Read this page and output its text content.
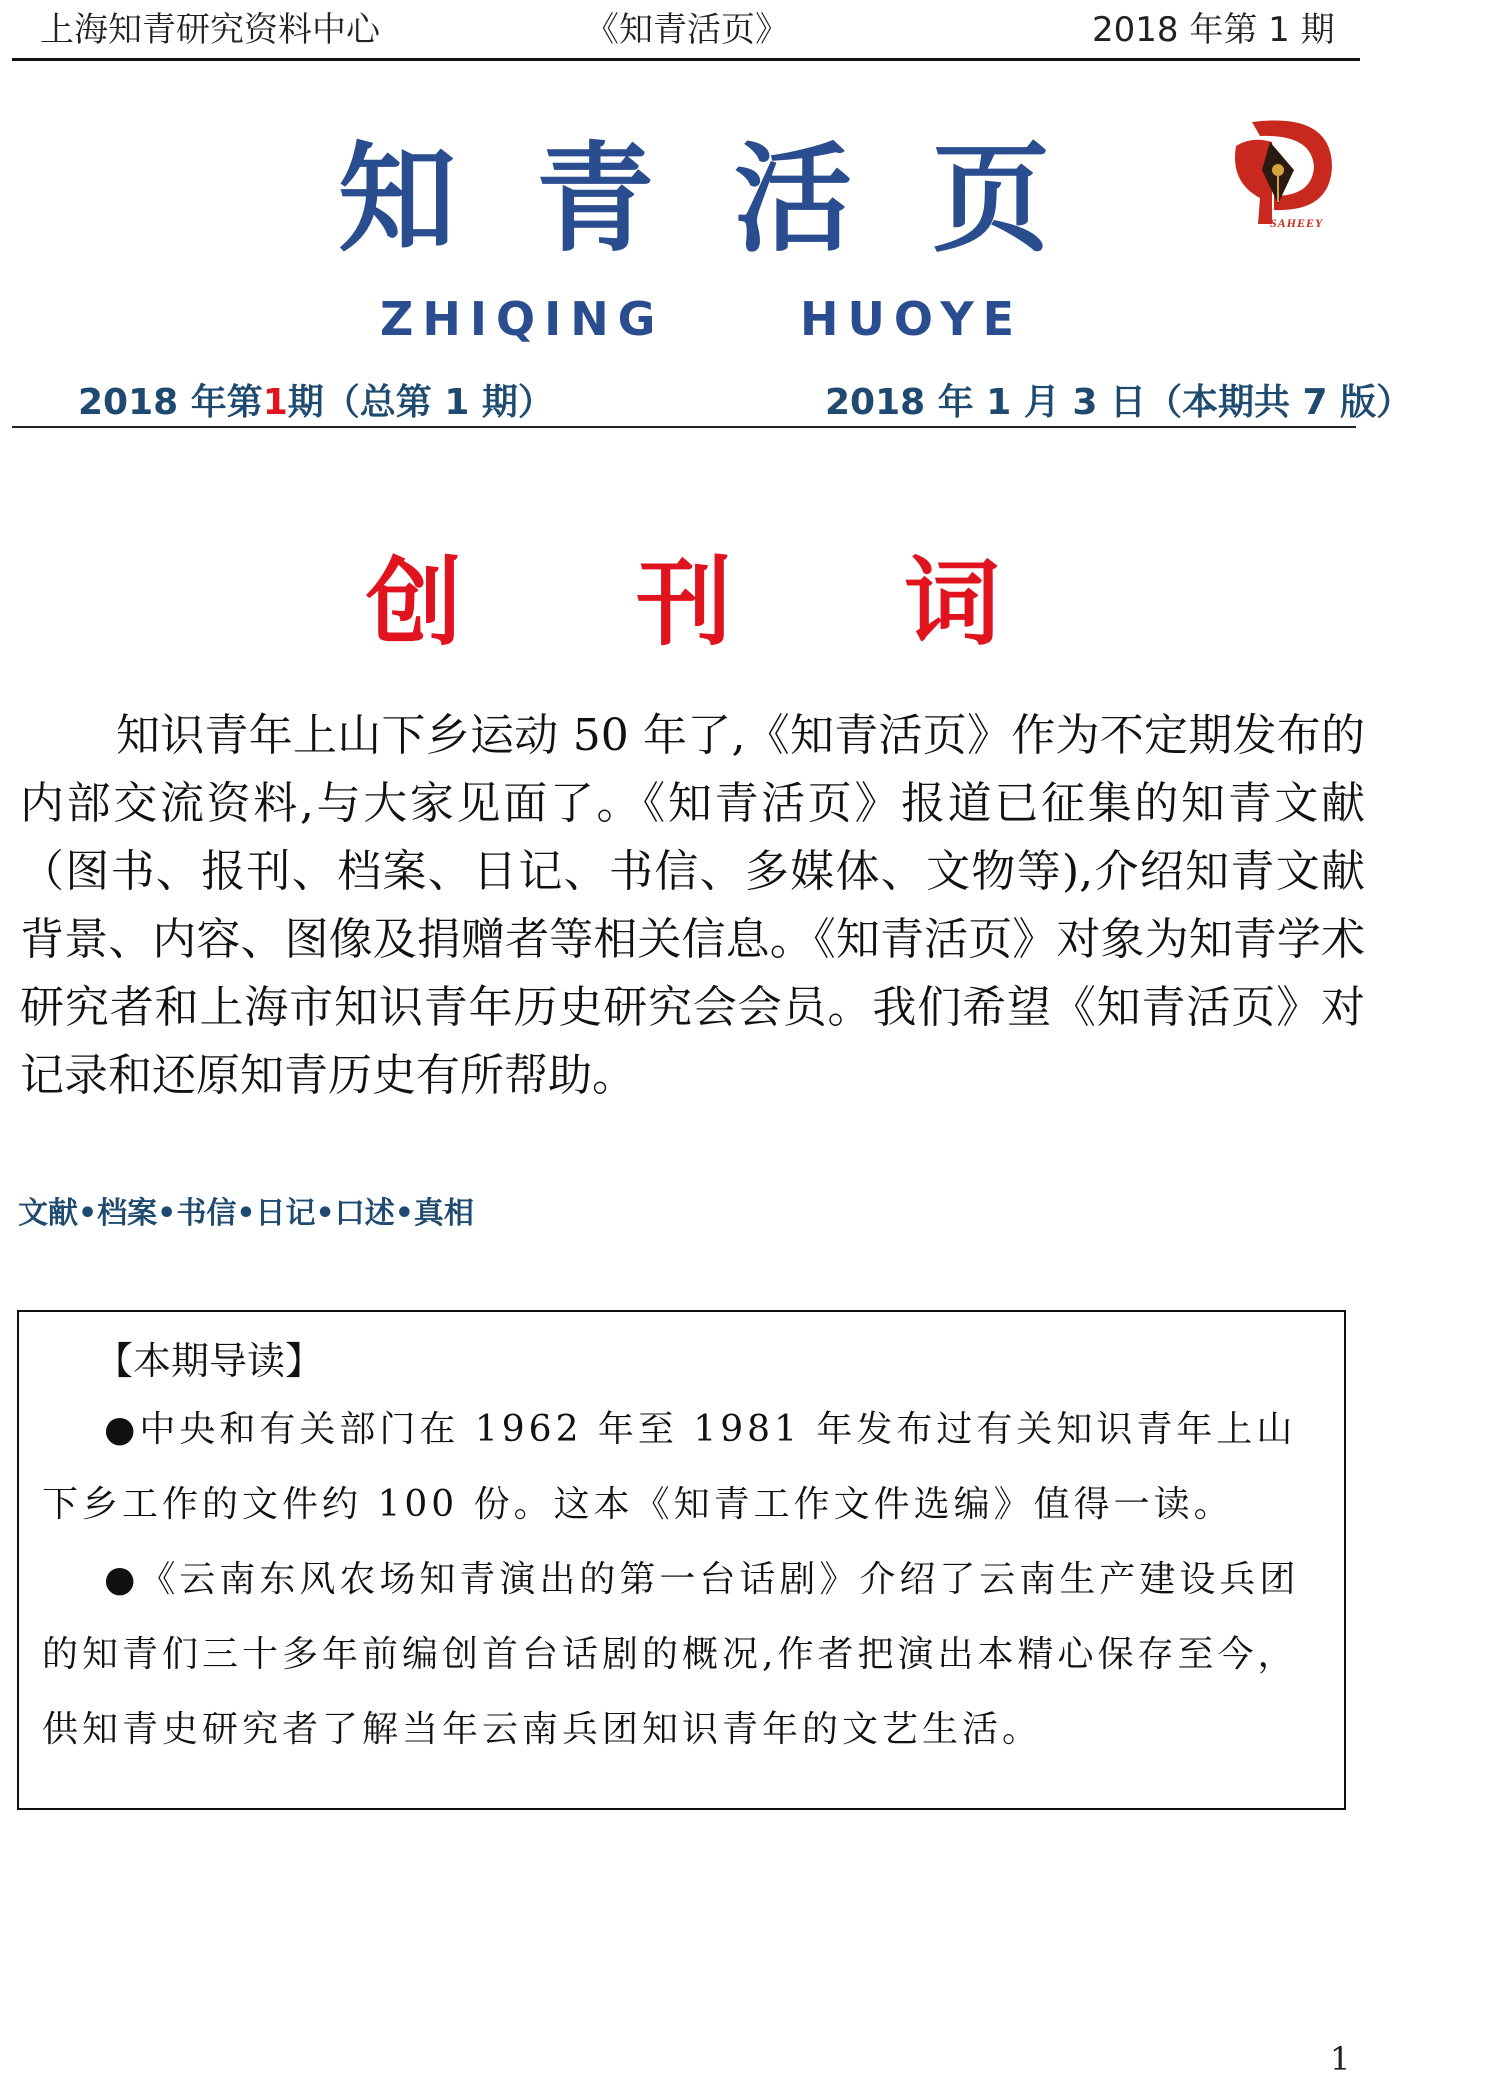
上海知青研究资料中心	《知青活页》	2018 年第 1 期
知 青 活 页
ZHIQING	HUOYE
SAHEEY
2018 年第1期（总第 1 期）	2018 年 1 月 3 日（本期共 7 版）
创 刊 词

知识青年上山下乡运动 50 年了,《知青活页》作为不定期发布的内部交流资料,与大家见面了。《知青活页》报道已征集的知青文献（图书、报刊、档案、日记、书信、多媒体、文物等),介绍知青文献背景、内容、图像及捐赠者等相关信息。《知青活页》对象为知青学术研究者和上海市知识青年历史研究会会员。我们希望《知青活页》对记录和还原知青历史有所帮助。

文献•档案•书信•日记•口述•真相
【本期导读】

●中央和有关部门在 1962 年至 1981 年发布过有关知识青年上山下乡工作的文件约 100 份。这本《知青工作文件选编》值得一读。

●《云南东风农场知青演出的第一台话剧》介绍了云南生产建设兵团的知青们三十多年前编创首台话剧的概况,作者把演出本精心保存至今，供知青史研究者了解当年云南兵团知识青年的文艺生活。

1
